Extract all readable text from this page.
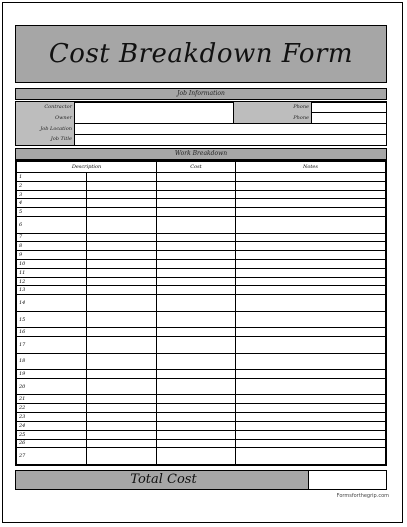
Cost Breakdown Form
Job Information
Contractor
Owner
Job Location
Job Title
Phone
Phone
Work Breakdown
Description		Cost	Notes
1			
2			
3			
4			
5			
6			
7			
8			
9			
10			
11			
12			
13			
14			
15			
16			
17			
18			
19			
20			
21			
22			
23			
24			
25			
26			
27			
Total Cost
Formsforthegrip.com
